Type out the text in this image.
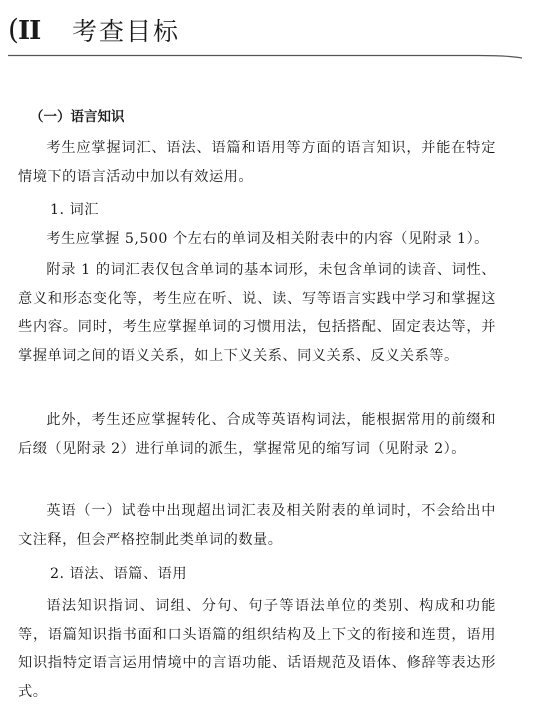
(II 考查目标
（一）语言知识
考生应掌握词汇、语法、语篇和语用等方面的语言知识，并能在特定情境下的语言活动中加以有效运用。
1. 词汇
考生应掌握 5,500 个左右的单词及相关附表中的内容（见附录 1）。
附录 1 的词汇表仅包含单词的基本词形，未包含单词的读音、词性、意义和形态变化等，考生应在听、说、读、写等语言实践中学习和掌握这些内容。同时，考生应掌握单词的习惯用法，包括搭配、固定表达等，并掌握单词之间的语义关系，如上下义关系、同义关系、反义关系等。
此外，考生还应掌握转化、合成等英语构词法，能根据常用的前缀和后缀（见附录 2）进行单词的派生，掌握常见的缩写词（见附录 2）。
英语（一）试卷中出现超出词汇表及相关附表的单词时，不会给出中文注释，但会严格控制此类单词的数量。
2. 语法、语篇、语用
语法知识指词、词组、分句、句子等语法单位的类别、构成和功能等，语篇知识指书面和口头语篇的组织结构及上下文的衔接和连贯，语用知识指特定语言运用情境中的言语功能、话语规范及语体、修辞等表达形式。
